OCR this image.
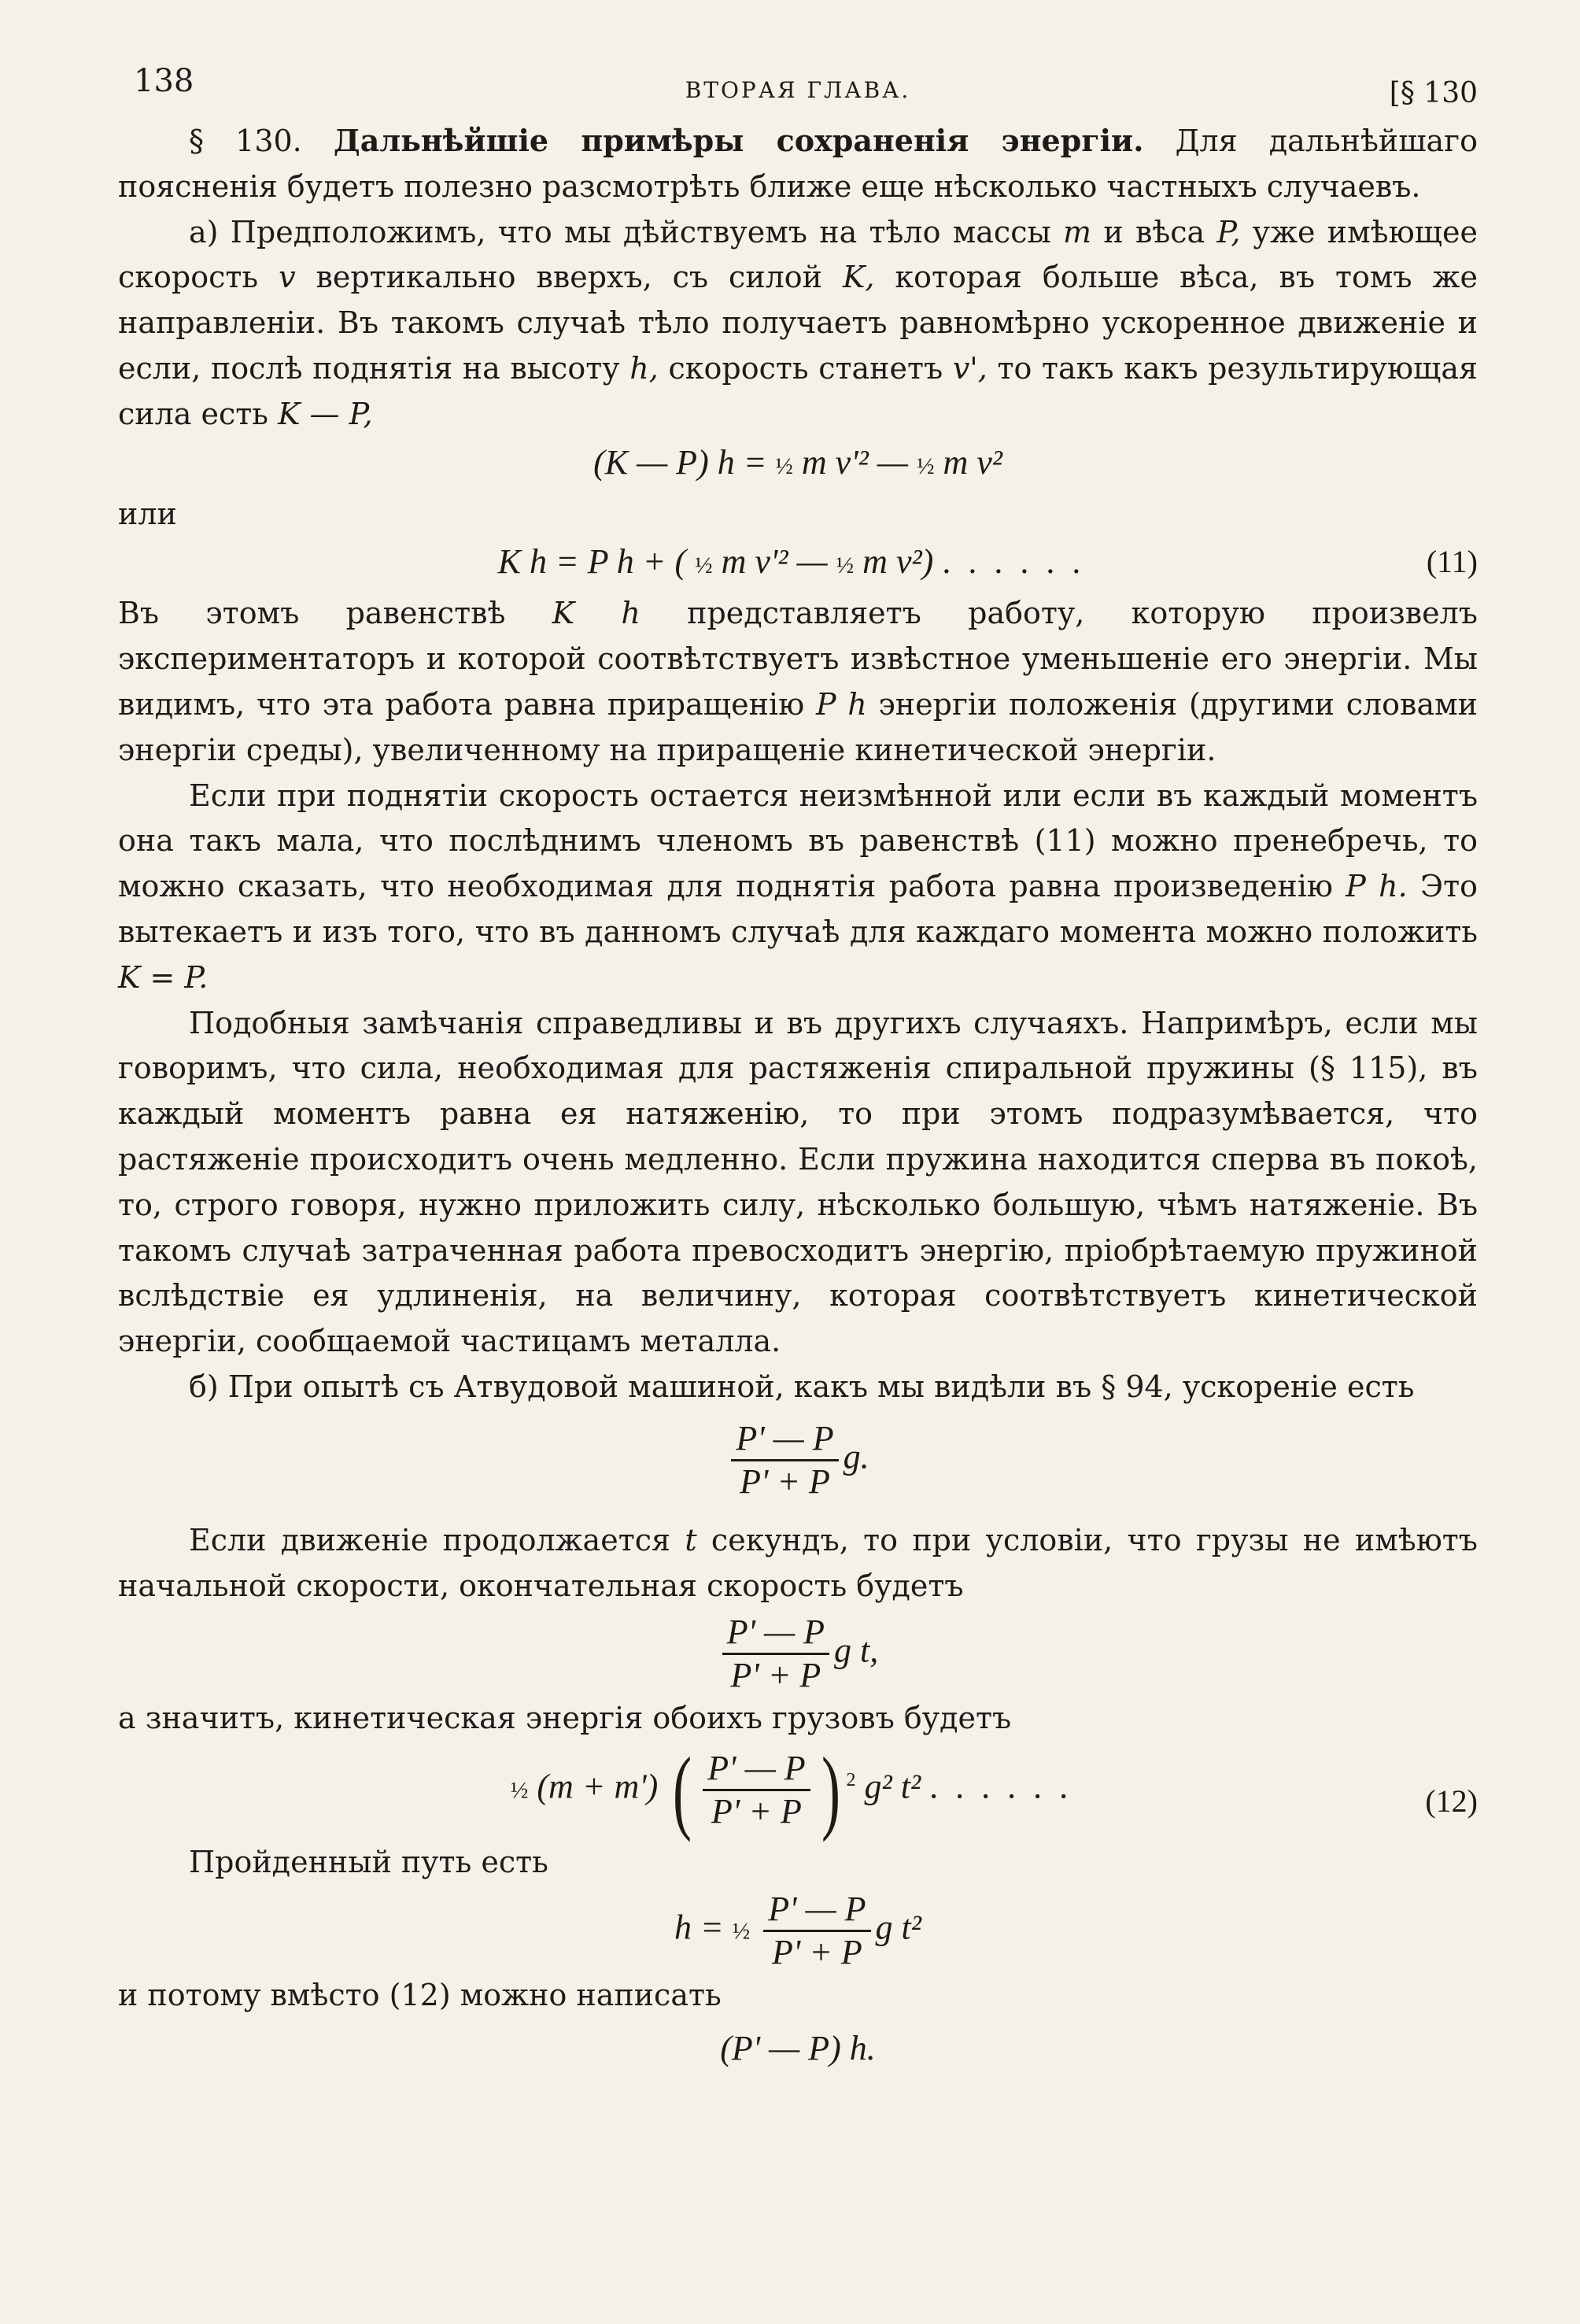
138	ВТОРАЯ ГЛАВА.	[§ 130

§ 130. Дальнѣйшіе примѣры сохраненія энергіи. Для дальнѣйшаго поясненія будетъ полезно разсмотрѣть ближе еще нѣсколько частныхъ случаевъ.

а) Предположимъ, что мы дѣйствуемъ на тѣло массы m и вѣса P, уже имѣющее скорость v вертикально вверхъ, съ силой K, которая больше вѣса, въ томъ же направленіи. Въ такомъ случаѣ тѣло получаетъ равномѣрно ускоренное движеніе и если, послѣ поднятія на высоту h, скорость станетъ v', то такъ какъ результирующая сила есть K — P,

(K — P) h = ½ m v'² — ½ m v²

или

K h = P h + ( ½ m v'² — ½ m v²) ......	(11)

Въ этомъ равенствѣ K h представляетъ работу, которую произвелъ экспериментаторъ и которой соотвѣтствуетъ извѣстное уменьшеніе его энергіи. Мы видимъ, что эта работа равна приращенію P h энергіи положенія (другими словами энергіи среды), увеличенному на приращеніе кинетической энергіи.

Если при поднятіи скорость остается неизмѣнной или если въ каждый моментъ она такъ мала, что послѣднимъ членомъ въ равенствѣ (11) можно пренебречь, то можно сказать, что необходимая для поднятія работа равна произведенію P h. Это вытекаетъ и изъ того, что въ данномъ случаѣ для каждаго момента можно положить K = P.

Подобныя замѣчанія справедливы и въ другихъ случаяхъ. Напримѣръ, если мы говоримъ, что сила, необходимая для растяженія спиральной пружины (§ 115), въ каждый моментъ равна ея натяженію, то при этомъ подразумѣвается, что растяженіе происходитъ очень медленно. Если пружина находится сперва въ покоѣ, то, строго говоря, нужно приложить силу, нѣсколько большую, чѣмъ натяженіе. Въ такомъ случаѣ затраченная работа превосходитъ энергію, пріобрѣтаемую пружиной вслѣдствіе ея удлиненія, на величину, которая соотвѣтствуетъ кинетической энергіи, сообщаемой частицамъ металла.

б) При опытѣ съ Атвудовой машиной, какъ мы видѣли въ § 94, ускореніе есть

$\frac{P' — P}{P' + P} g$.

Если движеніе продолжается t секундъ, то при условіи, что грузы не имѣютъ начальной скорости, окончательная скорость будетъ

$\frac{P' — P}{P' + P}$ g t,

а значитъ, кинетическая энергія обоихъ грузовъ будетъ

½ (m + m') ( $\frac{P' — P}{P' + P}$ ) $^2$ g² t² ......	(12)

Пройденный путь есть

h = ½ $\frac{P' — P}{P' + P}$ g t²

и потому вмѣсто (12) можно написать

(P' — P) h.
